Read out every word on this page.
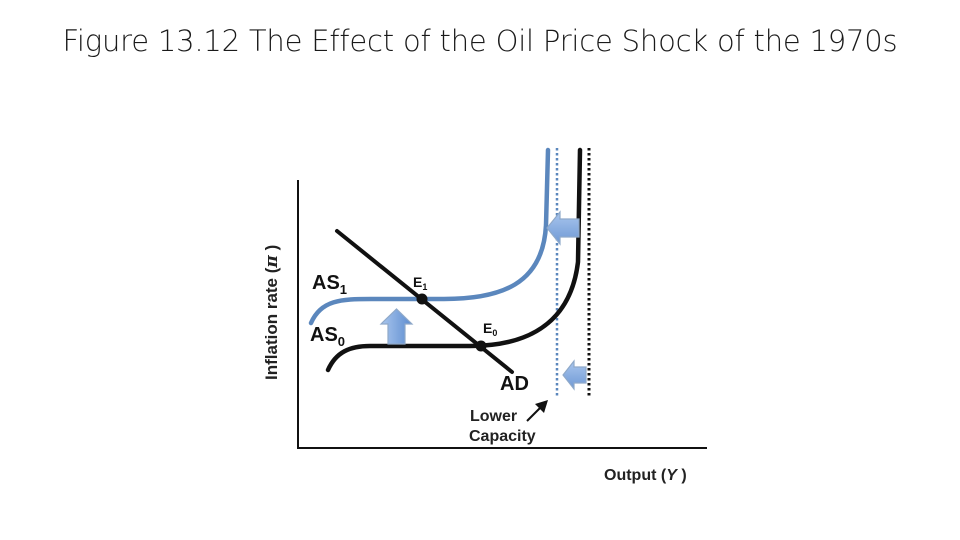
Figure 13.12 The Effect of the Oil Price Shock of the 1970s
Inflation rate (π )
Output (Y )
$AS_1$
$AS_0$
AD
$E_1$
$E_0$
Lower
Capacity
